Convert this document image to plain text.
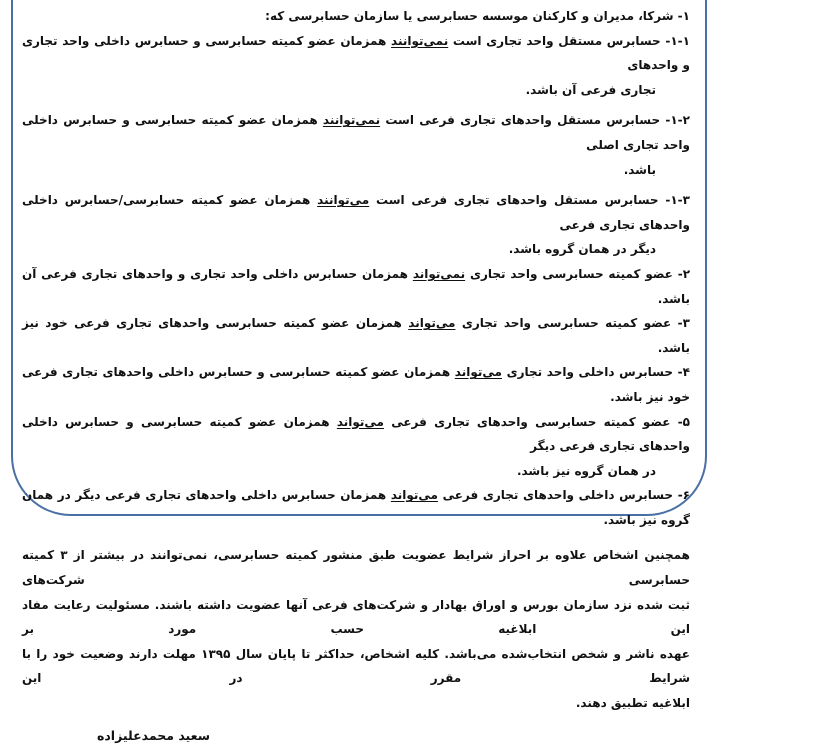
۱- شرکا، مدیران و کارکنان موسسه حسابرسی یا سازمان حسابرسی که:
۱-۱- حسابرس مستقل واحد تجاری است نمی‌توانند همزمان عضو کمیته حسابرسی و حسابرس داخلی واحد تجاری و واحدهای
تجاری فرعی آن باشد.
۱-۲- حسابرس مستقل واحدهای تجاری فرعی است نمی‌توانند همزمان عضو کمیته حسابرسی و حسابرس داخلی واحد تجاری اصلی
باشد.
۱-۳- حسابرس مستقل واحدهای تجاری فرعی است می‌توانند همزمان عضو کمیته حسابرسی/حسابرس داخلی واحدهای تجاری فرعی
دیگر در همان گروه باشد.
۲- عضو کمیته حسابرسی واحد تجاری نمی‌تواند همزمان حسابرس داخلی واحد تجاری و واحدهای تجاری فرعی آن باشد.
۳- عضو کمیته حسابرسی واحد تجاری می‌تواند همزمان عضو کمیته حسابرسی واحدهای تجاری فرعی خود نیز باشد.
۴- حسابرس داخلی واحد تجاری می‌تواند همزمان عضو کمیته حسابرسی و حسابرس داخلی واحدهای تجاری فرعی خود نیز باشد.
۵- عضو کمیته حسابرسی واحدهای تجاری فرعی می‌تواند همزمان عضو کمیته حسابرسی و حسابرس داخلی واحدهای تجاری فرعی دیگر
در همان گروه نیز باشد.
۶- حسابرس داخلی واحدهای تجاری فرعی می‌تواند همزمان حسابرس داخلی واحدهای تجاری فرعی دیگر در همان گروه نیز باشد.
همچنین اشخاص علاوه بر احراز شرایط عضویت طبق منشور کمیته حسابرسی، نمی‌توانند در بیشتر از ۳ کمیته حسابرسی شرکت‌های
ثبت شده نزد سازمان بورس و اوراق بهادار و شرکت‌های فرعی آنها عضویت داشته باشند. مسئولیت رعایت مفاد این ابلاغیه حسب مورد بر
عهده ناشر و شخص انتخاب‌شده می‌باشد. کلیه اشخاص، حداکثر تا پایان سال ۱۳۹۵ مهلت دارند وضعیت خود را با شرایط مقرر در این
ابلاغیه تطبیق دهند.
سعید محمدعلیزاده
